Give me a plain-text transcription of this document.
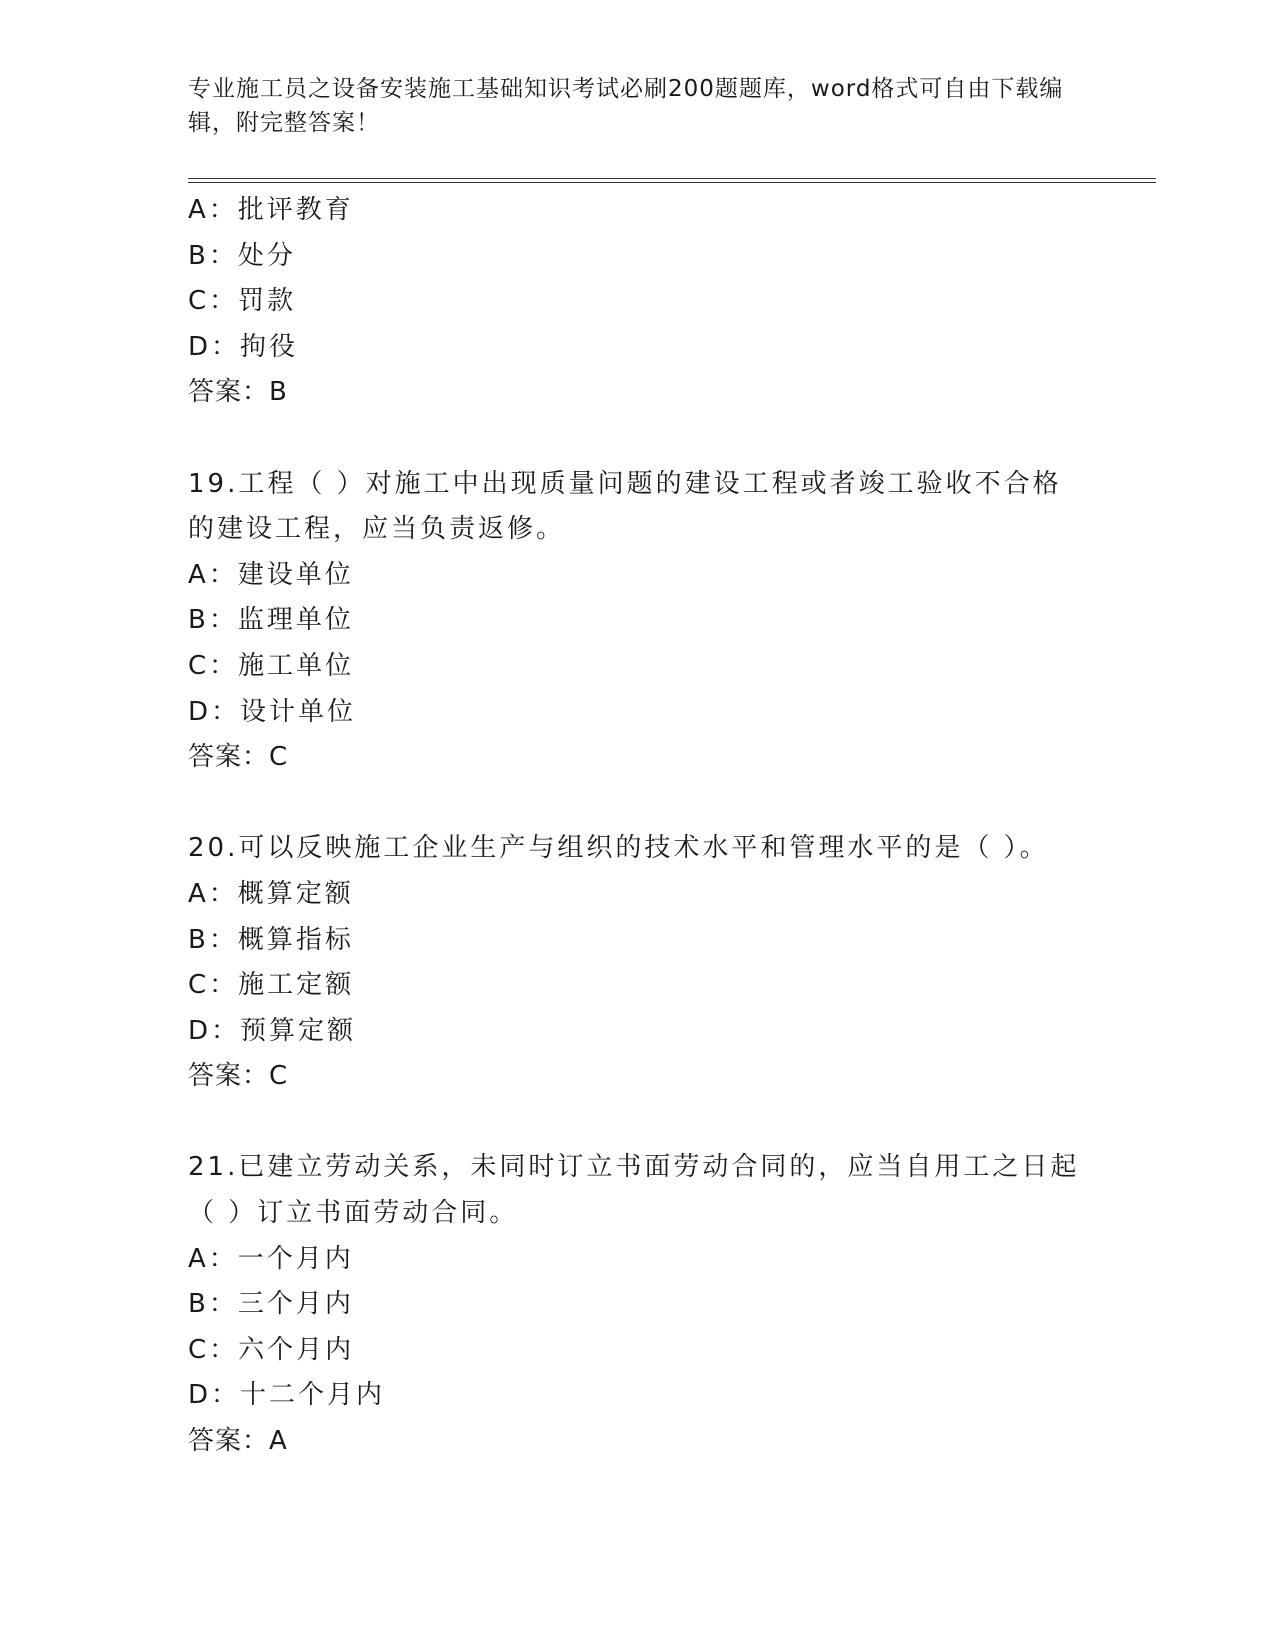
专业施工员之设备安装施工基础知识考试必刷200题题库，word格式可自由下载编辑，附完整答案！
A：批评教育
B：处分
C：罚款
D：拘役
答案：B
19.工程（ ）对施工中出现质量问题的建设工程或者竣工验收不合格
的建设工程，应当负责返修。
A：建设单位
B：监理单位
C：施工单位
D：设计单位
答案：C
20.可以反映施工企业生产与组织的技术水平和管理水平的是（ ）。
A：概算定额
B：概算指标
C：施工定额
D：预算定额
答案：C
21.已建立劳动关系，未同时订立书面劳动合同的，应当自用工之日起
（ ）订立书面劳动合同。
A：一个月内
B：三个月内
C：六个月内
D：十二个月内
答案：A
